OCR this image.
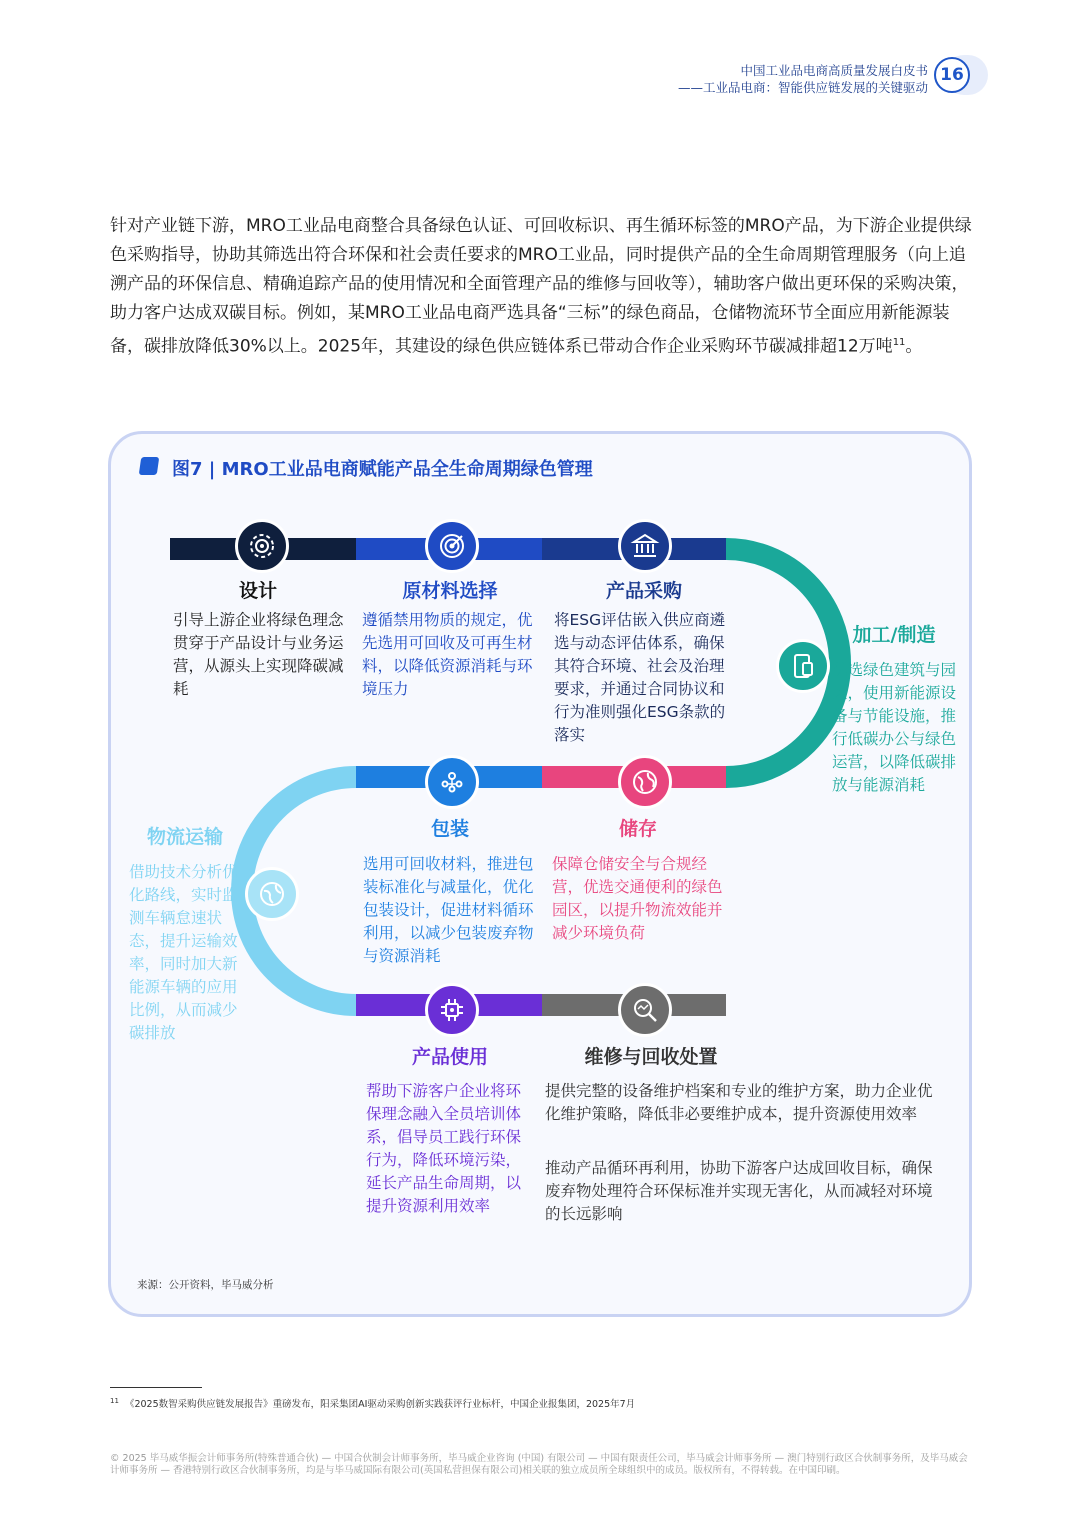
中国工业品电商高质量发展白皮书
——工业品电商：智能供应链发展的关键驱动
16
针对产业链下游，MRO工业品电商整合具备绿色认证、可回收标识、再生循环标签的MRO产品，为下游企业提供绿色采购指导，协助其筛选出符合环保和社会责任要求的MRO工业品，同时提供产品的全生命周期管理服务（向上追溯产品的环保信息、精确追踪产品的使用情况和全面管理产品的维修与回收等），辅助客户做出更环保的采购决策，助力客户达成双碳目标。例如，某MRO工业品电商严选具备“三标”的绿色商品，仓储物流环节全面应用新能源装备，碳排放降低30%以上。2025年，其建设的绿色供应链体系已带动合作企业采购环节碳减排超12万吨$^{11}$。
图7 | MRO工业品电商赋能产品全生命周期绿色管理
设计
引导上游企业将绿色理念贯穿于产品设计与业务运营，从源头上实现降碳减耗
原材料选择
遵循禁用物质的规定，优先选用可回收及可再生材料，以降低资源消耗与环境压力
产品采购
将ESG评估嵌入供应商遴选与动态评估体系，确保其符合环境、社会及治理要求，并通过合同协议和行为准则强化ESG条款的落实
加工/制造
优选绿色建筑与园区，使用新能源设备与节能设施，推行低碳办公与绿色运营，以降低碳排放与能源消耗
储存
保障仓储安全与合规经营，优选交通便利的绿色园区，以提升物流效能并减少环境负荷
包装
选用可回收材料，推进包装标准化与减量化，优化包装设计，促进材料循环利用，以减少包装废弃物与资源消耗
物流运输
借助技术分析优化路线，实时监测车辆怠速状态，提升运输效率，同时加大新能源车辆的应用比例，从而减少碳排放
产品使用
帮助下游客户企业将环保理念融入全员培训体系，倡导员工践行环保行为，降低环境污染，延长产品生命周期，以提升资源利用效率
维修与回收处置
提供完整的设备维护档案和专业的维护方案，助力企业优化维护策略，降低非必要维护成本，提升资源使用效率
推动产品循环再利用，协助下游客户达成回收目标，确保废弃物处理符合环保标准并实现无害化，从而减轻对环境的长远影响
来源：公开资料，毕马威分析
$^{11}$ 《2025数智采购供应链发展报告》重磅发布，阳采集团AI驱动采购创新实践获评行业标杆，中国企业报集团，2025年7月
© 2025 毕马威华振会计师事务所(特殊普通合伙) — 中国合伙制会计师事务所，毕马威企业咨询 (中国) 有限公司 — 中国有限责任公司，毕马威会计师事务所 — 澳门特别行政区合伙制事务所，及毕马威会计师事务所 — 香港特别行政区合伙制事务所，均是与毕马威国际有限公司(英国私营担保有限公司)相关联的独立成员所全球组织中的成员。版权所有，不得转载。在中国印刷。
